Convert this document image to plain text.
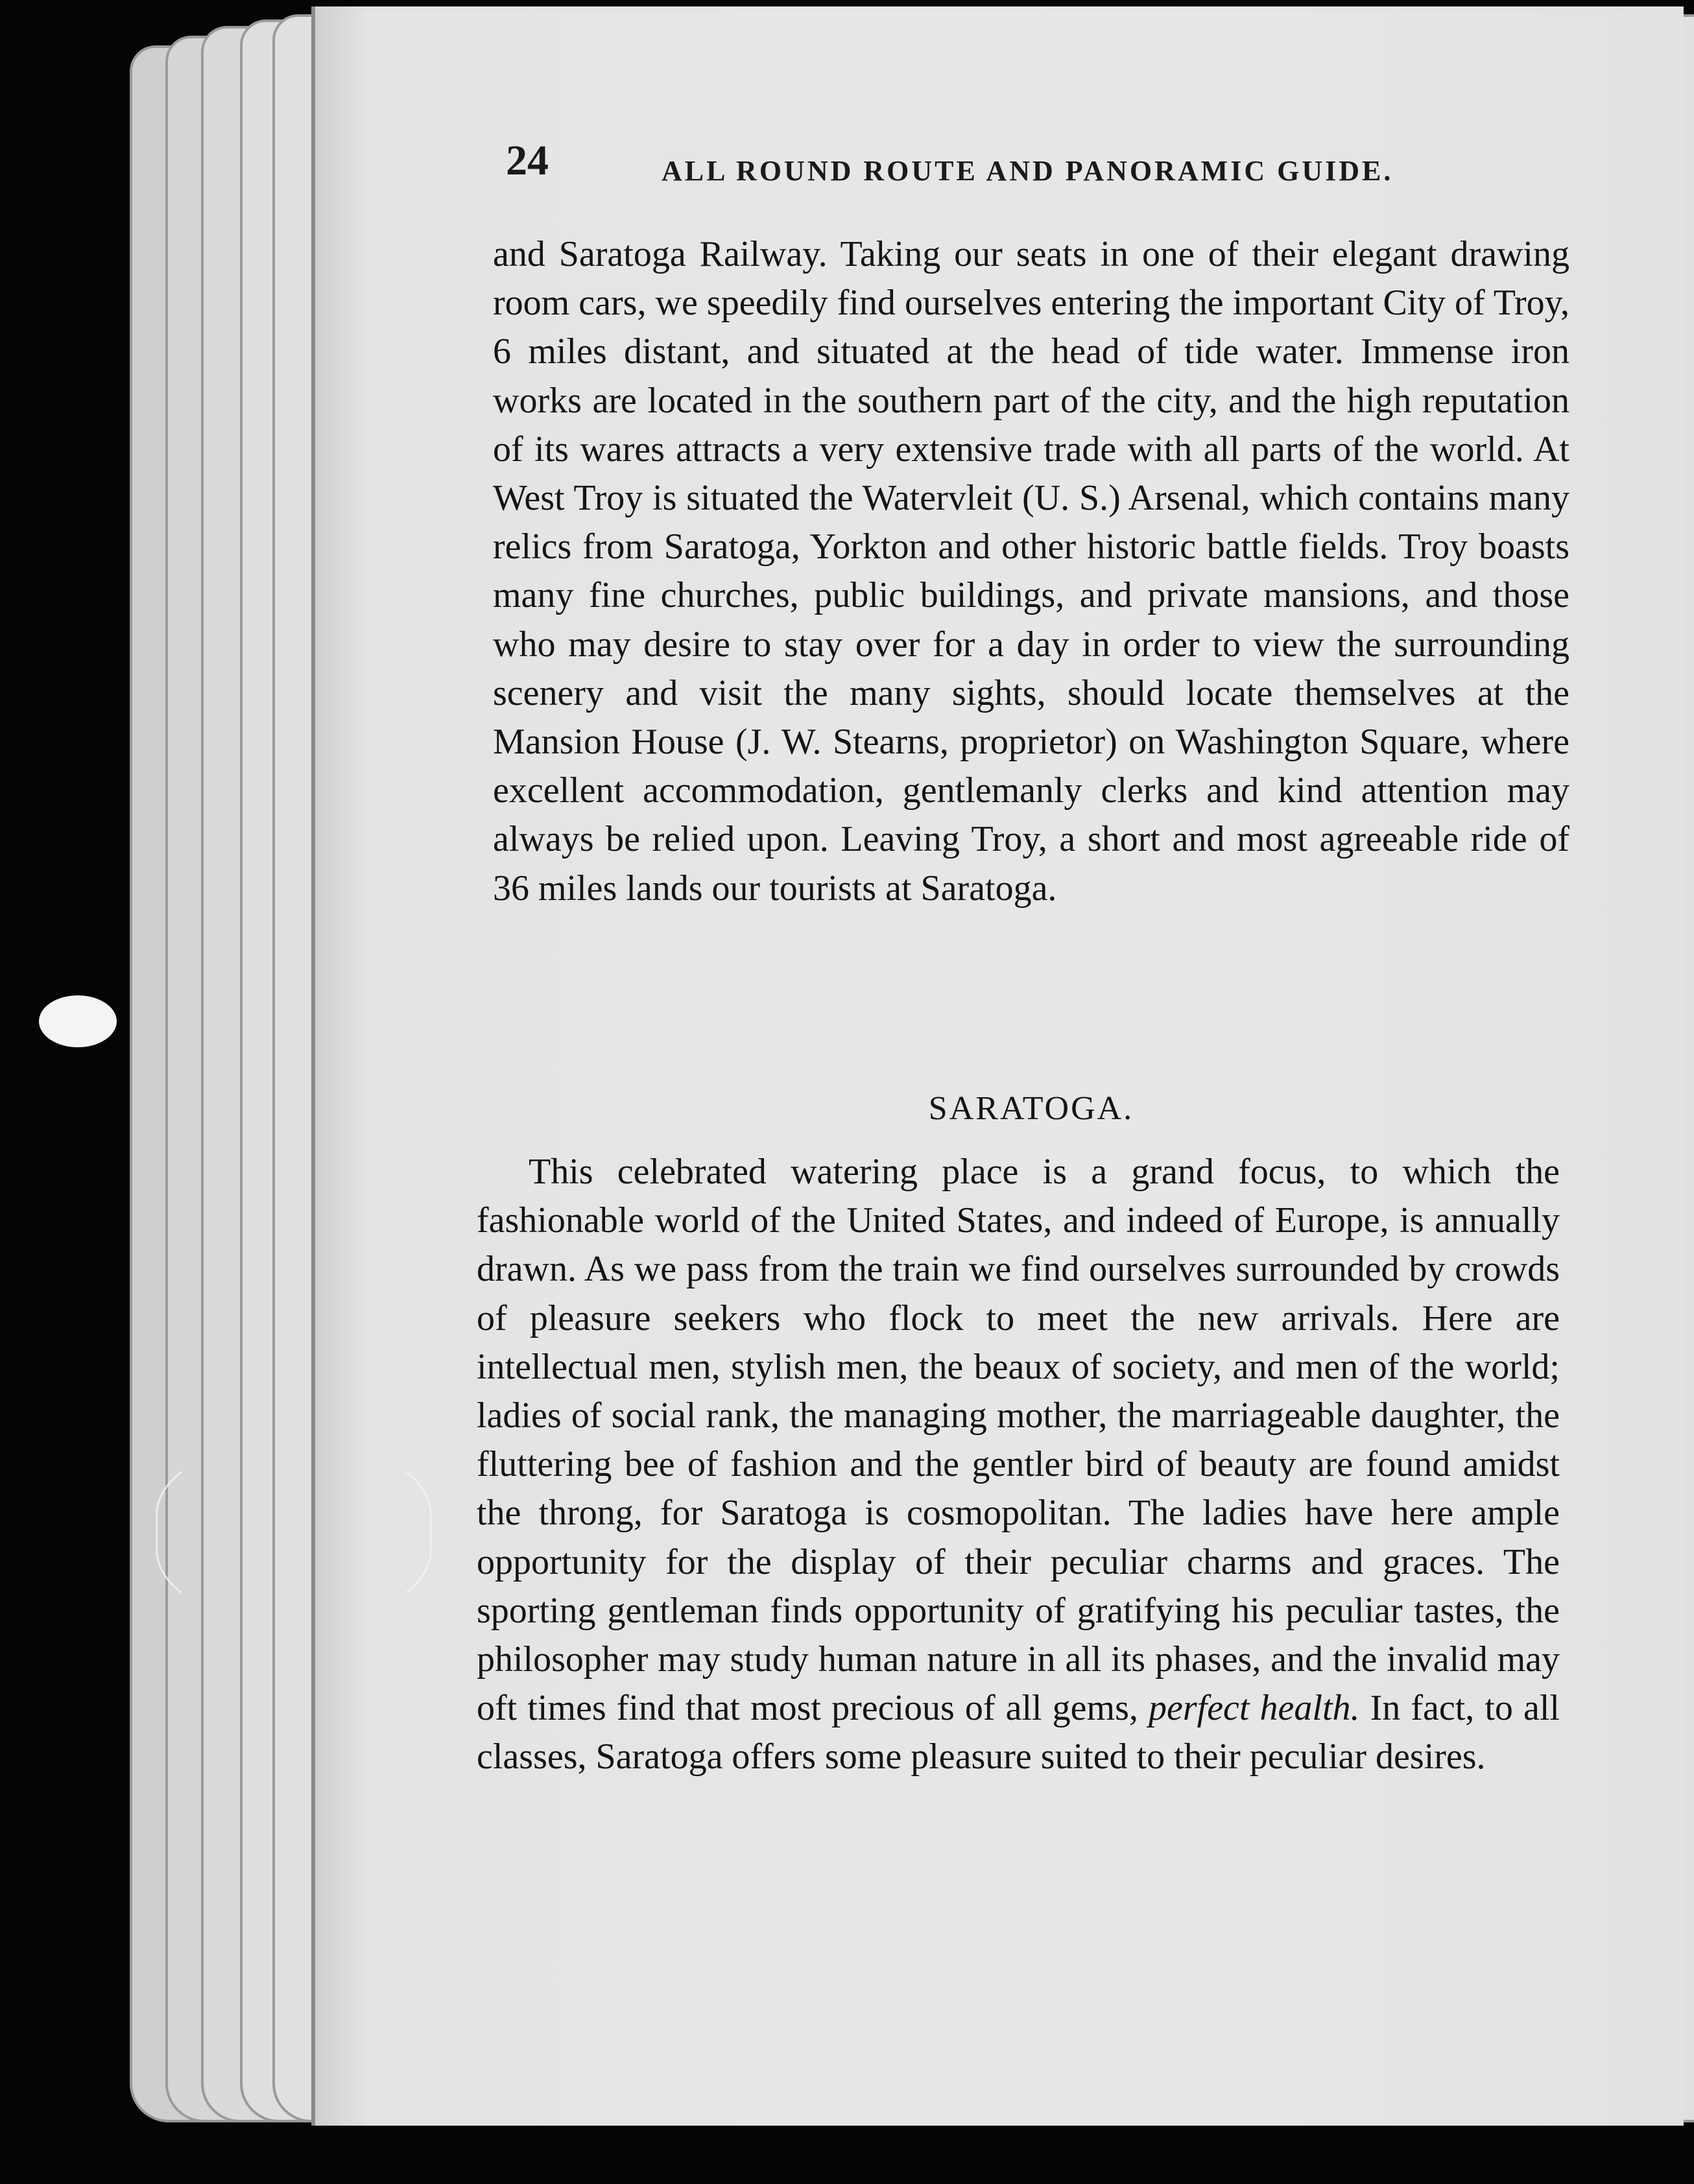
24	ALL ROUND ROUTE AND PANORAMIC GUIDE.
and Saratoga Railway. Taking our seats in one of their elegant drawing room cars, we speedily find ourselves entering the important City of Troy, 6 miles distant, and situated at the head of tide water. Immense iron works are located in the southern part of the city, and the high reputation of its wares attracts a very extensive trade with all parts of the world. At West Troy is situated the Watervleit (U. S.) Arsenal, which contains many relics from Saratoga, Yorkton and other historic battle fields. Troy boasts many fine churches, public buildings, and private mansions, and those who may desire to stay over for a day in order to view the surrounding scenery and visit the many sights, should locate themselves at the Mansion House (J. W. Stearns, proprietor) on Washington Square, where excellent accommodation, gentlemanly clerks and kind attention may always be relied upon. Leaving Troy, a short and most agreeable ride of 36 miles lands our tourists at Saratoga.
SARATOGA.
This celebrated watering place is a grand focus, to which the fashionable world of the United States, and indeed of Europe, is annually drawn. As we pass from the train we find ourselves surrounded by crowds of pleasure seekers who flock to meet the new arrivals. Here are intellectual men, stylish men, the beaux of society, and men of the world; ladies of social rank, the managing mother, the marriageable daughter, the fluttering bee of fashion and the gentler bird of beauty are found amidst the throng, for Saratoga is cosmopolitan. The ladies have here ample opportunity for the display of their peculiar charms and graces. The sporting gentleman finds opportunity of gratifying his peculiar tastes, the philosopher may study human nature in all its phases, and the invalid may oft times find that most precious of all gems, perfect health. In fact, to all classes, Saratoga offers some pleasure suited to their peculiar desires.
